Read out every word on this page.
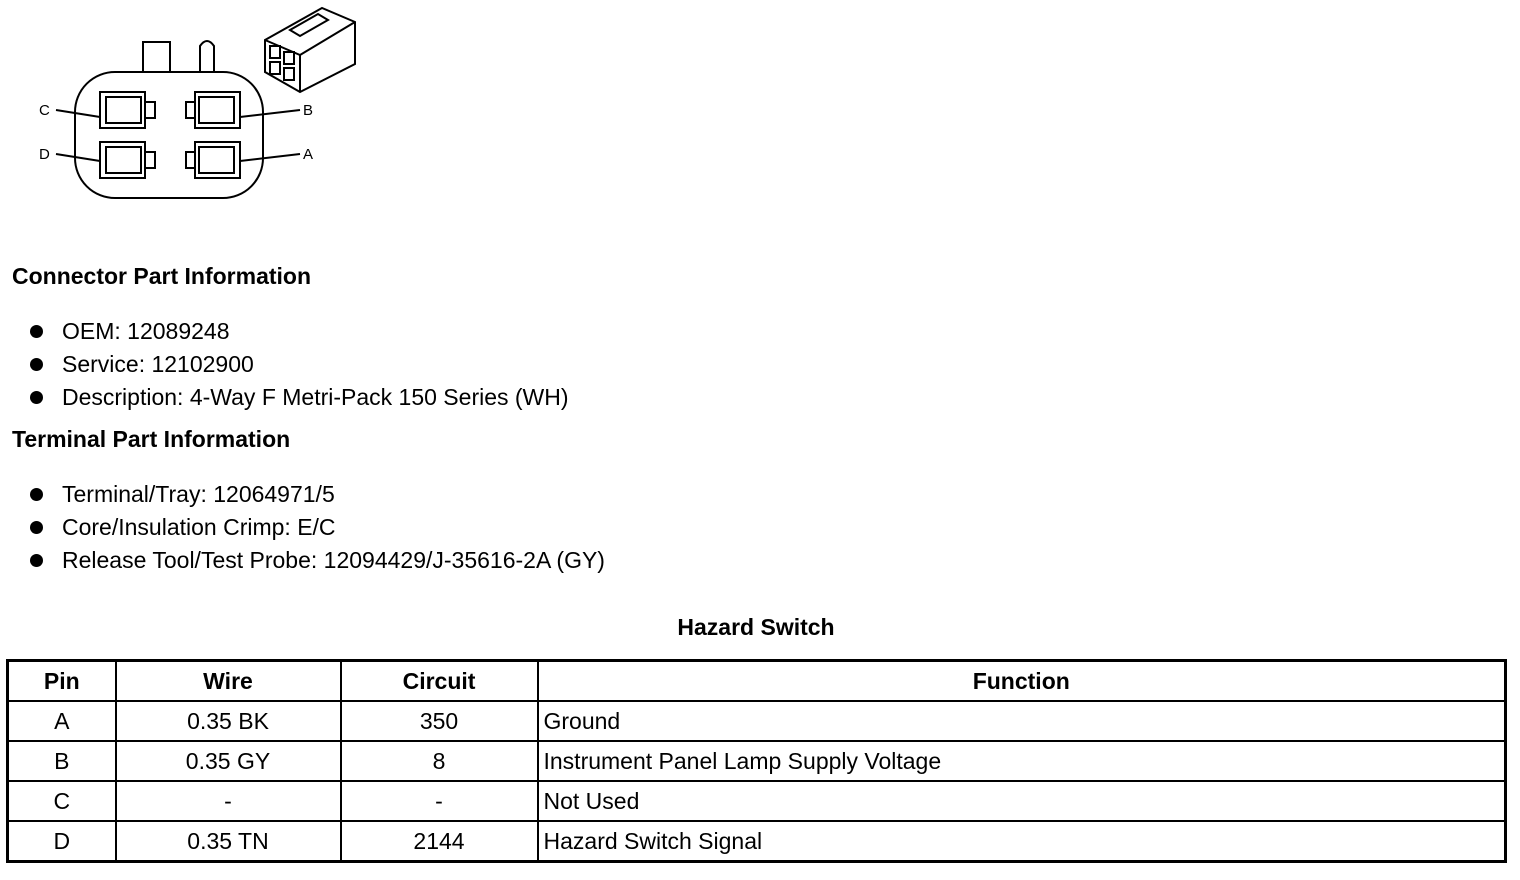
C
D
B
A
Connector Part Information
OEM: 12089248
Service: 12102900
Description: 4-Way F Metri-Pack 150 Series (WH)
Terminal Part Information
Terminal/Tray: 12064971/5
Core/Insulation Crimp: E/C
Release Tool/Test Probe: 12094429/J-35616-2A (GY)
Hazard Switch
Pin	Wire	Circuit	Function
A	0.35 BK	350	Ground
B	0.35 GY	8	Instrument Panel Lamp Supply Voltage
C	-	-	Not Used
D	0.35 TN	2144	Hazard Switch Signal
